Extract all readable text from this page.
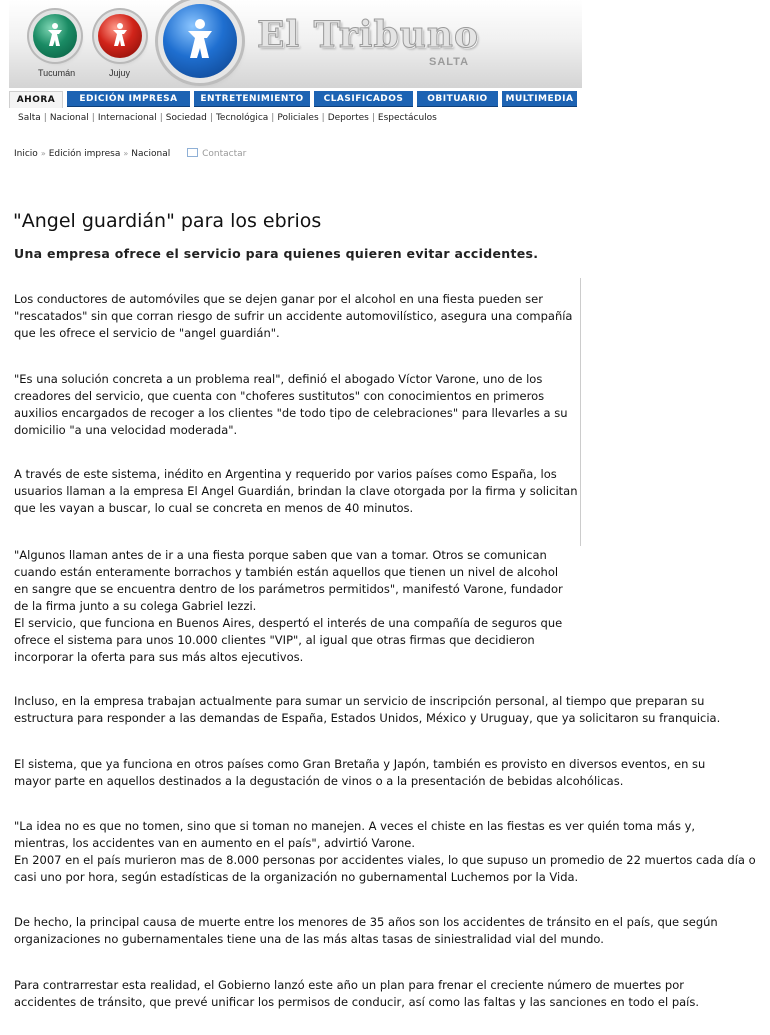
Tucumán	Jujuy
El Tribuno
SALTA
AHORA	EDICIÓN IMPRESA	ENTRETENIMIENTO	CLASIFICADOS	OBITUARIO	MULTIMEDIA
Salta | Nacional | Internacional | Sociedad | Tecnológica | Policiales | Deportes | Espectáculos
Inicio » Edición impresa » Nacional	Contactar
"Angel guardián" para los ebrios
Una empresa ofrece el servicio para quienes quieren evitar accidentes.

Los conductores de automóviles que se dejen ganar por el alcohol en una fiesta pueden ser
"rescatados" sin que corran riesgo de sufrir un accidente automovilístico, asegura una compañía
que les ofrece el servicio de "angel guardián".

"Es una solución concreta a un problema real", definió el abogado Víctor Varone, uno de los
creadores del servicio, que cuenta con "choferes sustitutos" con conocimientos en primeros
auxilios encargados de recoger a los clientes "de todo tipo de celebraciones" para llevarles a su
domicilio "a una velocidad moderada".

A través de este sistema, inédito en Argentina y requerido por varios países como España, los
usuarios llaman a la empresa El Angel Guardián, brindan la clave otorgada por la firma y solicitan
que les vayan a buscar, lo cual se concreta en menos de 40 minutos.

"Algunos llaman antes de ir a una fiesta porque saben que van a tomar. Otros se comunican
cuando están enteramente borrachos y también están aquellos que tienen un nivel de alcohol
en sangre que se encuentra dentro de los parámetros permitidos", manifestó Varone, fundador
de la firma junto a su colega Gabriel Iezzi.
El servicio, que funciona en Buenos Aires, despertó el interés de una compañía de seguros que
ofrece el sistema para unos 10.000 clientes "VIP", al igual que otras firmas que decidieron
incorporar la oferta para sus más altos ejecutivos.

Incluso, en la empresa trabajan actualmente para sumar un servicio de inscripción personal, al tiempo que preparan su
estructura para responder a las demandas de España, Estados Unidos, México y Uruguay, que ya solicitaron su franquicia.

El sistema, que ya funciona en otros países como Gran Bretaña y Japón, también es provisto en diversos eventos, en su
mayor parte en aquellos destinados a la degustación de vinos o a la presentación de bebidas alcohólicas.

"La idea no es que no tomen, sino que si toman no manejen. A veces el chiste en las fiestas es ver quién toma más y,
mientras, los accidentes van en aumento en el país", advirtió Varone.
En 2007 en el país murieron mas de 8.000 personas por accidentes viales, lo que supuso un promedio de 22 muertos cada día o
casi uno por hora, según estadísticas de la organización no gubernamental Luchemos por la Vida.

De hecho, la principal causa de muerte entre los menores de 35 años son los accidentes de tránsito en el país, que según
organizaciones no gubernamentales tiene una de las más altas tasas de siniestralidad vial del mundo.

Para contrarrestar esta realidad, el Gobierno lanzó este año un plan para frenar el creciente número de muertes por
accidentes de tránsito, que prevé unificar los permisos de conducir, así como las faltas y las sanciones en todo el país.
